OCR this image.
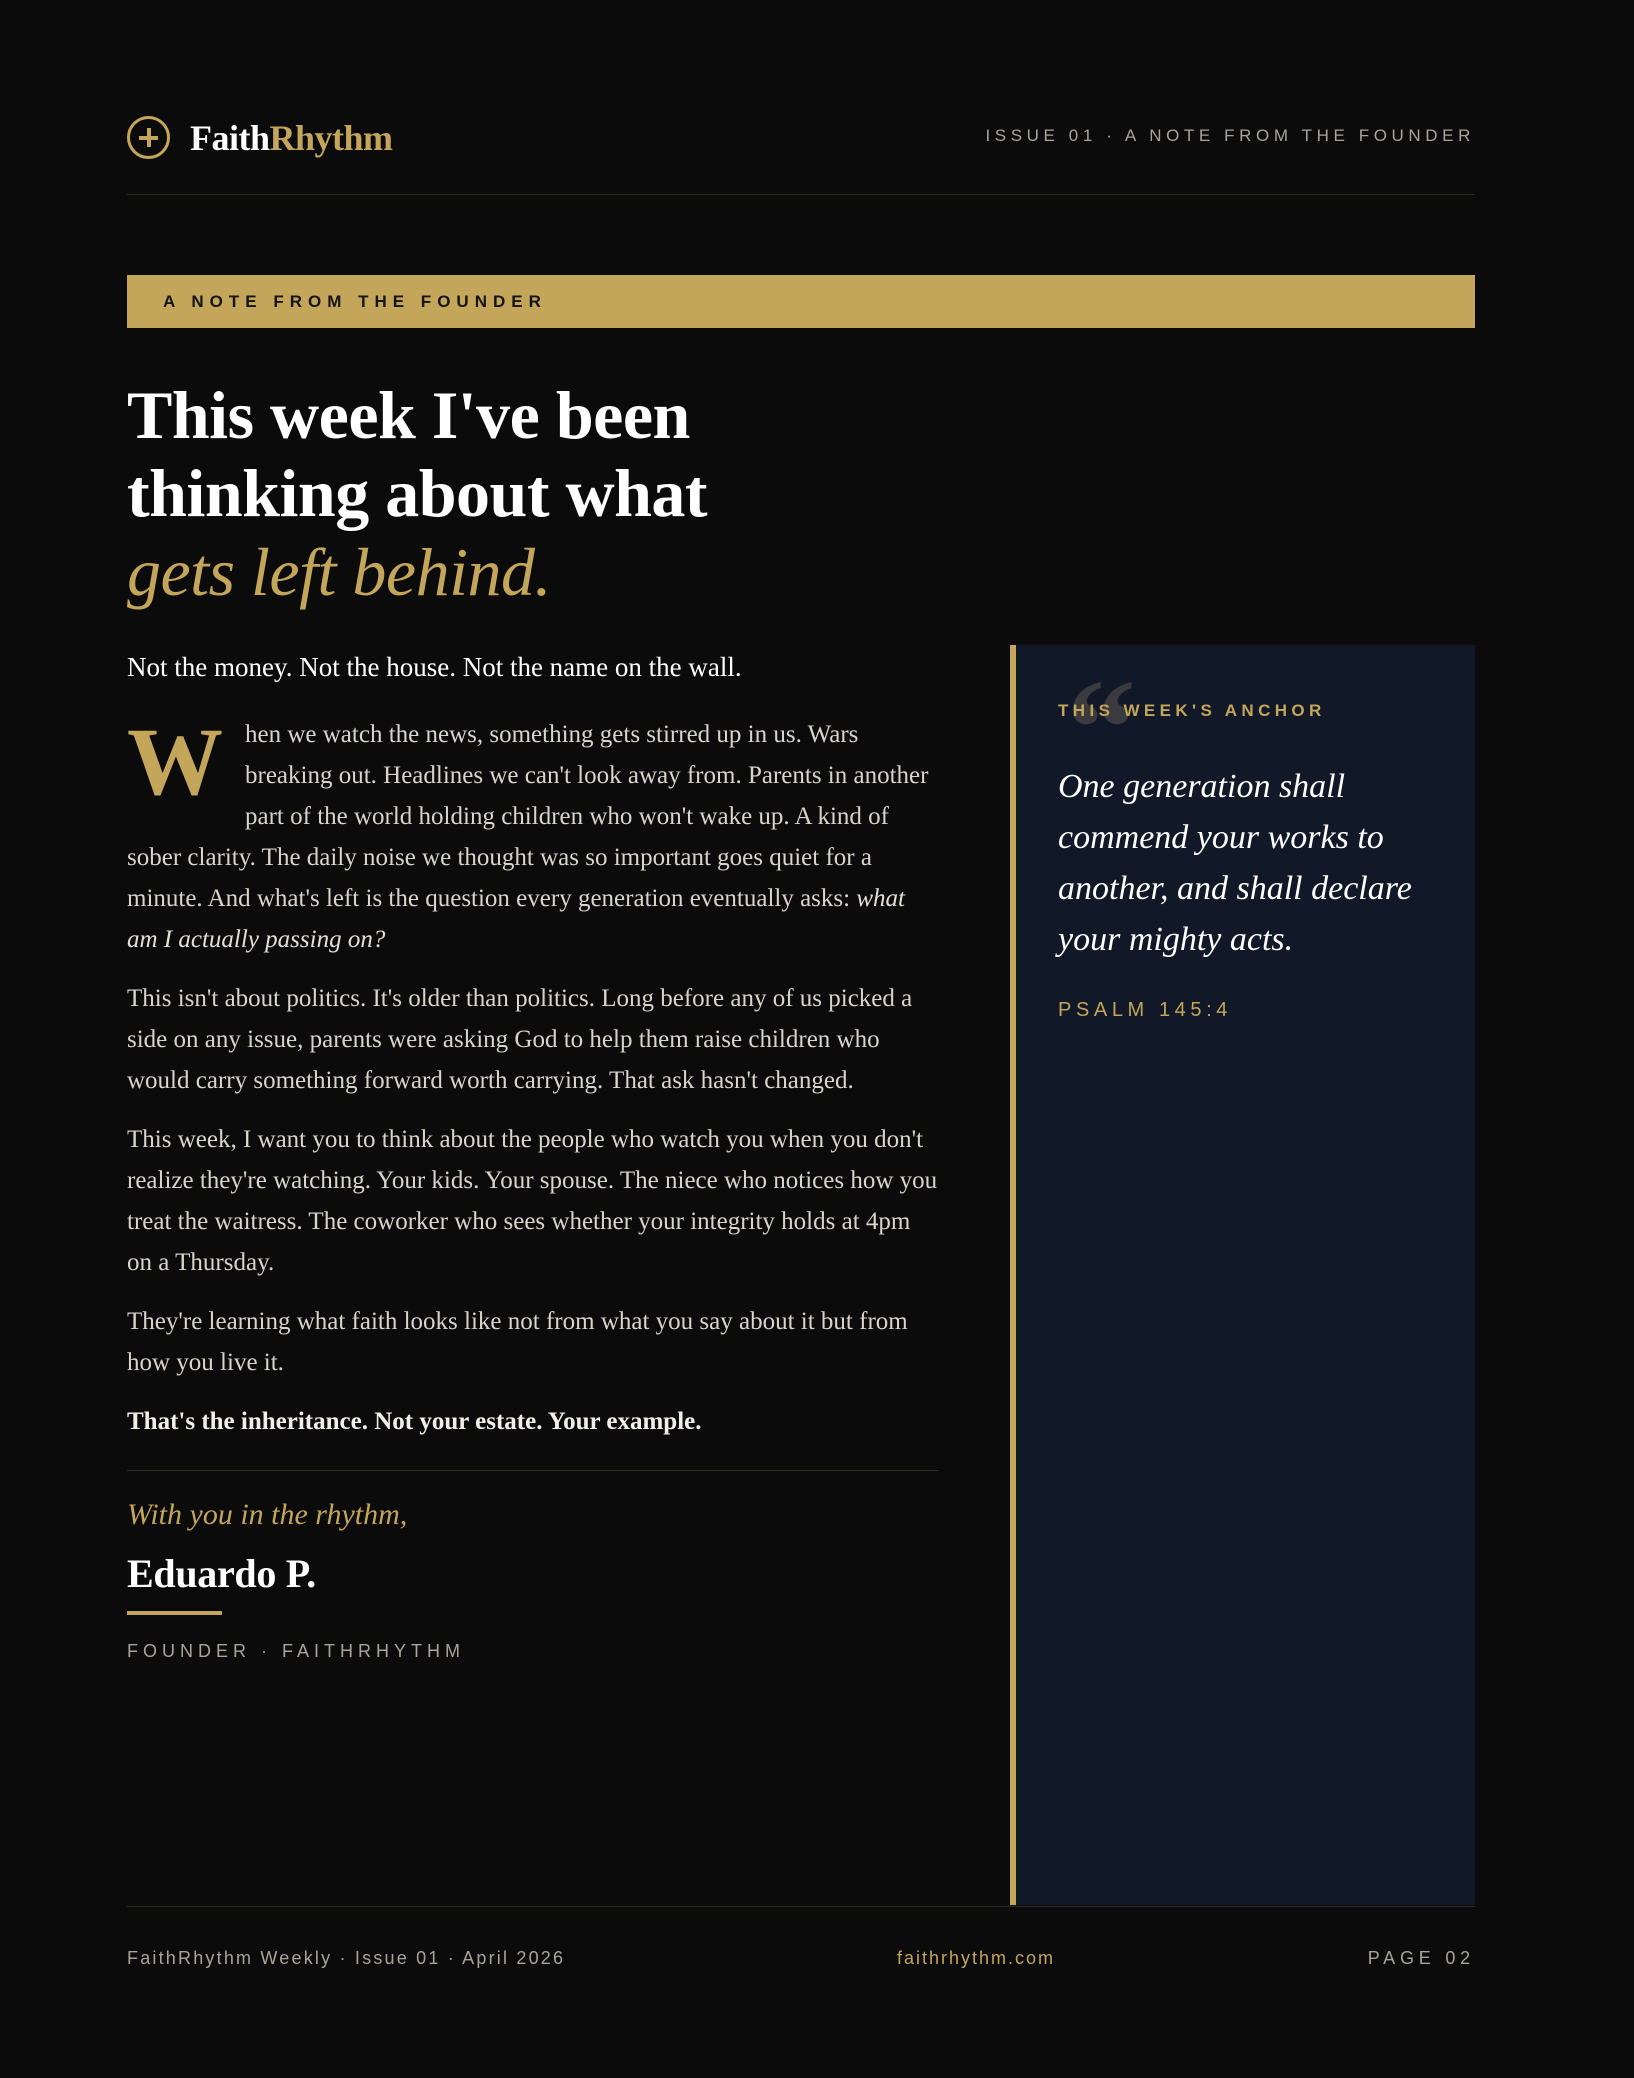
FaithRhythm	ISSUE 01 · A NOTE FROM THE FOUNDER
A NOTE FROM THE FOUNDER
This week I've been
thinking about what
gets left behind.

Not the money. Not the house. Not the name on the wall.

When we watch the news, something gets stirred up in us. Wars breaking out. Headlines we can't look away from. Parents in another part of the world holding children who won't wake up. A kind of sober clarity. The daily noise we thought was so important goes quiet for a minute. And what's left is the question every generation eventually asks: what am I actually passing on?

This isn't about politics. It's older than politics. Long before any of us picked a side on any issue, parents were asking God to help them raise children who would carry something forward worth carrying. That ask hasn't changed.

This week, I want you to think about the people who watch you when you don't realize they're watching. Your kids. Your spouse. The niece who notices how you treat the waitress. The coworker who sees whether your integrity holds at 4pm on a Thursday.

They're learning what faith looks like not from what you say about it but from how you live it.

That's the inheritance. Not your estate. Your example.

With you in the rhythm,
Eduardo P.
FOUNDER · FAITHRHYTHM
“
THIS WEEK'S ANCHOR
One generation shall commend your works to another, and shall declare your mighty acts.
PSALM 145:4
FaithRhythm Weekly · Issue 01 · April 2026	faithrhythm.com	PAGE 02
